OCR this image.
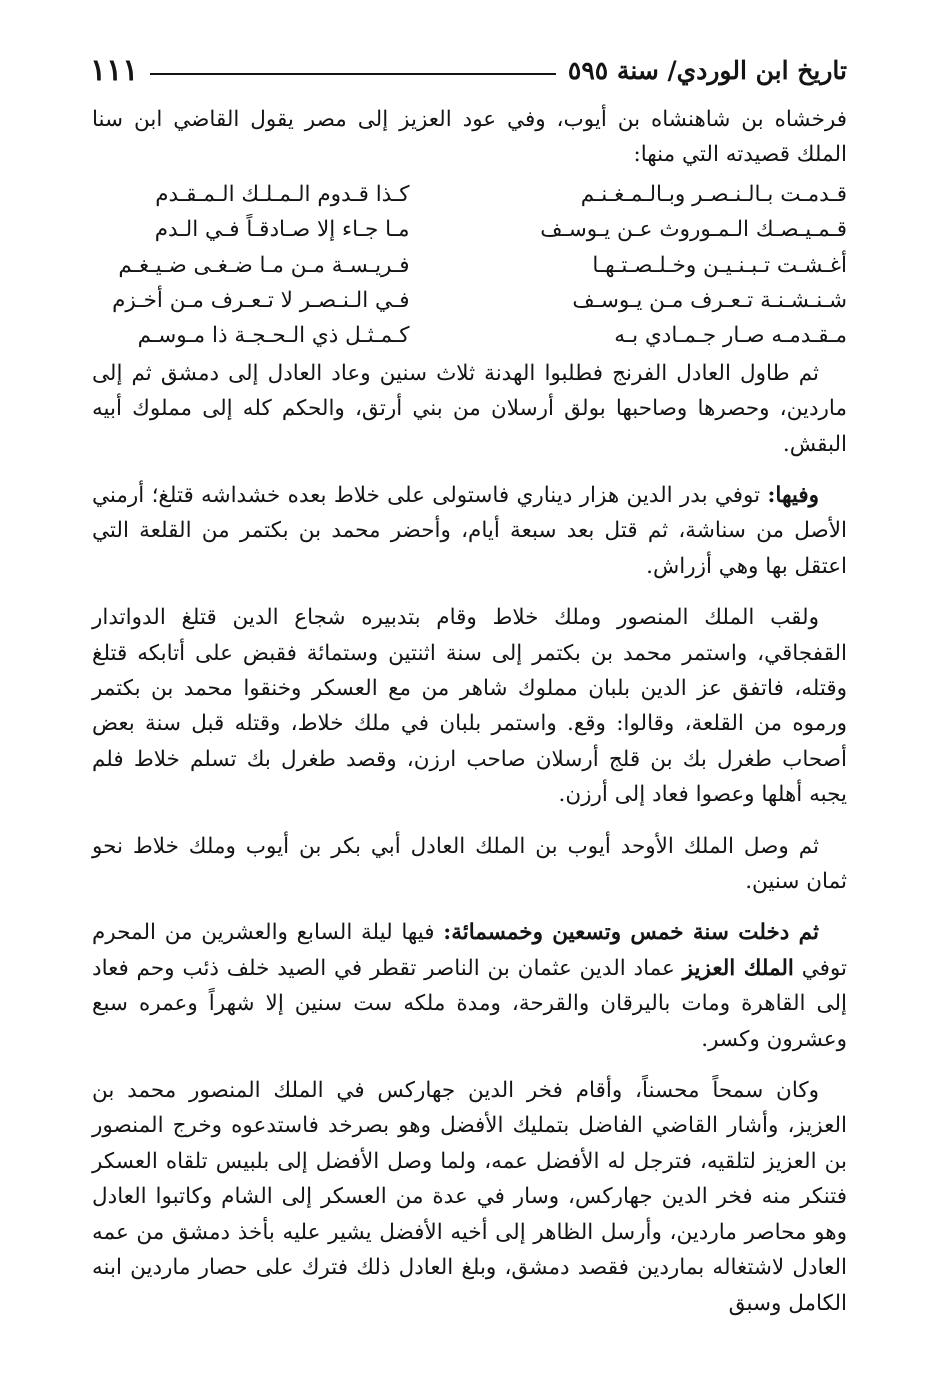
١١١	تاريخ ابن الوردي/ سنة ٥٩٥

فرخشاه بن شاهنشاه بن أيوب، وفي عود العزيز إلى مصر يقول القاضي ابن سنا الملك قصيدته التي منها:

قـدمـت بـالـنـصـر وبـالـمـغـنـم
كـذا قـدوم الـمـلـك الـمـقـدم
قـمـيـصـك الـمـوروث عـن يـوسـف
مـا جـاء إلا صـادقـاً فـي الـدم
أغـشـت تـبـنـيـن وخـلـصـتـهـا
فـريـسـة مـن مـا ضـغـى ضـيـغـم
شـنـشـنـة تـعـرف مـن يـوسـف
فـي الـنـصـر لا تـعـرف مـن أخـزم
مـقـدمـه صـار جـمـادي بـه
كـمـثـل ذي الـحـجـة ذا مـوسـم

ثم طاول العادل الفرنج فطلبوا الهدنة ثلاث سنين وعاد العادل إلى دمشق ثم إلى ماردين، وحصرها وصاحبها بولق أرسلان من بني أرتق، والحكم كله إلى مملوك أبيه البقش.

وفيها: توفي بدر الدين هزار ديناري فاستولى على خلاط بعده خشداشه قتلغ؛ أرمني الأصل من سناشة، ثم قتل بعد سبعة أيام، وأحضر محمد بن بكتمر من القلعة التي اعتقل بها وهي أزراش.

ولقب الملك المنصور وملك خلاط وقام بتدبيره شجاع الدين قتلغ الدواتدار القفجاقي، واستمر محمد بن بكتمر إلى سنة اثنتين وستمائة فقبض على أتابكه قتلغ وقتله، فاتفق عز الدين بلبان مملوك شاهر من مع العسكر وخنقوا محمد بن بكتمر ورموه من القلعة، وقالوا: وقع. واستمر بلبان في ملك خلاط، وقتله قبل سنة بعض أصحاب طغرل بك بن قلج أرسلان صاحب ارزن، وقصد طغرل بك تسلم خلاط فلم يجبه أهلها وعصوا فعاد إلى أرزن.

ثم وصل الملك الأوحد أيوب بن الملك العادل أبي بكر بن أيوب وملك خلاط نحو ثمان سنين.

ثم دخلت سنة خمس وتسعين وخمسمائة: فيها ليلة السابع والعشرين من المحرم توفي الملك العزيز عماد الدين عثمان بن الناصر تقطر في الصيد خلف ذئب وحم فعاد إلى القاهرة ومات باليرقان والقرحة، ومدة ملكه ست سنين إلا شهراً وعمره سبع وعشرون وكسر.

وكان سمحاً محسناً، وأقام فخر الدين جهاركس في الملك المنصور محمد بن العزيز، وأشار القاضي الفاضل بتمليك الأفضل وهو بصرخد فاستدعوه وخرج المنصور بن العزيز لتلقيه، فترجل له الأفضل عمه، ولما وصل الأفضل إلى بلبيس تلقاه العسكر فتنكر منه فخر الدين جهاركس، وسار في عدة من العسكر إلى الشام وكاتبوا العادل وهو محاصر ماردين، وأرسل الظاهر إلى أخيه الأفضل يشير عليه بأخذ دمشق من عمه العادل لاشتغاله بماردين فقصد دمشق، وبلغ العادل ذلك فترك على حصار ماردين ابنه الكامل وسبق
